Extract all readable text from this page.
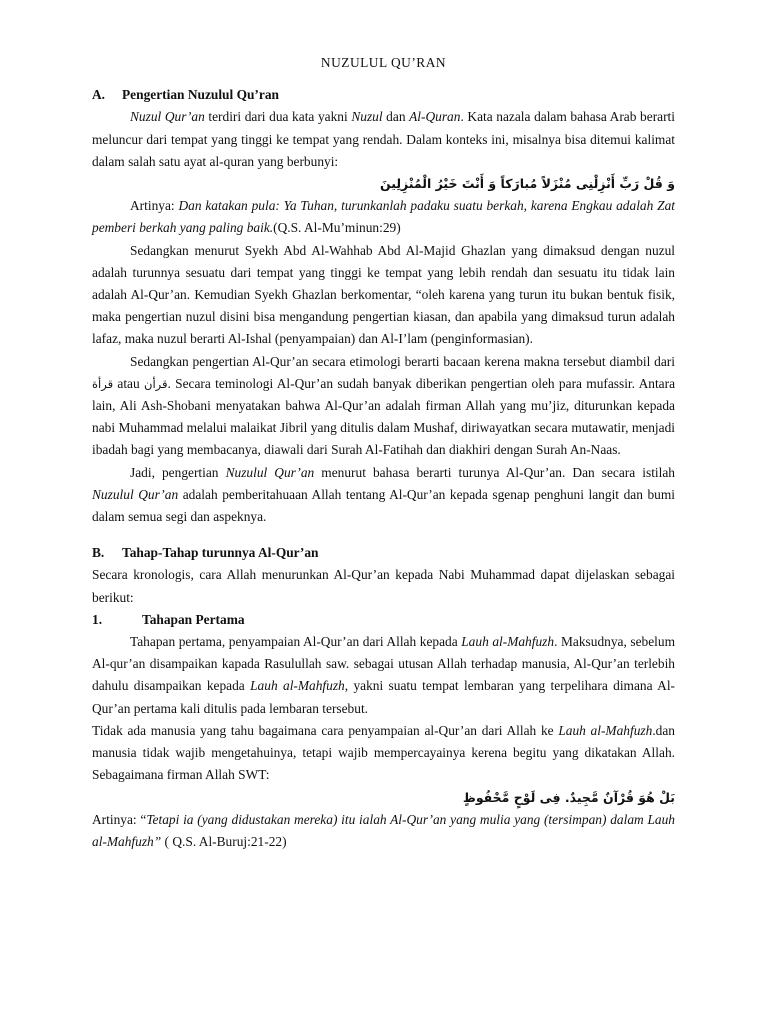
NUZULUL QU’RAN
A. Pengertian Nuzulul Qu’ran

Nuzul Qur’an terdiri dari dua kata yakni Nuzul dan Al-Quran. Kata nazala dalam bahasa Arab berarti meluncur dari tempat yang tinggi ke tempat yang rendah. Dalam konteks ini, misalnya bisa ditemui kalimat dalam salah satu ayat al-quran yang berbunyi:

وَ قُلْ رَبِّ أَنْزِلْنِى مُنْزَلاً مُبارَكاً وَ أَنْتَ خَيْرُ الْمُنْزِلِينَ

Artinya: Dan katakan pula: Ya Tuhan, turunkanlah padaku suatu berkah, karena Engkau adalah Zat pemberi berkah yang paling baik.(Q.S. Al-Mu’minun:29)

Sedangkan menurut Syekh Abd Al-Wahhab Abd Al-Majid Ghazlan yang dimaksud dengan nuzul adalah turunnya sesuatu dari tempat yang tinggi ke tempat yang lebih rendah dan sesuatu itu tidak lain adalah Al-Qur’an. Kemudian Syekh Ghazlan berkomentar, “oleh karena yang turun itu bukan bentuk fisik, maka pengertian nuzul disini bisa mengandung pengertian kiasan, dan apabila yang dimaksud turun adalah lafaz, maka nuzul berarti Al-Ishal (penyampaian) dan Al-I’lam (penginformasian).

Sedangkan pengertian Al-Qur’an secara etimologi berarti bacaan kerena makna tersebut diambil dari قرأة atau قرأن. Secara teminologi Al-Qur’an sudah banyak diberikan pengertian oleh para mufassir. Antara lain, Ali Ash-Shobani menyatakan bahwa Al-Qur’an adalah firman Allah yang mu’jiz, diturunkan kepada nabi Muhammad melalui malaikat Jibril yang ditulis dalam Mushaf, diriwayatkan secara mutawatir, menjadi ibadah bagi yang membacanya, diawali dari Surah Al-Fatihah dan diakhiri dengan Surah An-Naas.

Jadi, pengertian Nuzulul Qur’an menurut bahasa berarti turunya Al-Qur’an. Dan secara istilah Nuzulul Qur’an adalah pemberitahuaan Allah tentang Al-Qur’an kepada sgenap penghuni langit dan bumi dalam semua segi dan aspeknya.

B. Tahap-Tahap turunnya Al-Qur’an

Secara kronologis, cara Allah menurunkan Al-Qur’an kepada Nabi Muhammad dapat dijelaskan sebagai berikut:

1.	Tahapan Pertama

Tahapan pertama, penyampaian Al-Qur’an dari Allah kepada Lauh al-Mahfuzh. Maksudnya, sebelum Al-qur’an disampaikan kapada Rasulullah saw. sebagai utusan Allah terhadap manusia, Al-Qur’an terlebih dahulu disampaikan kepada Lauh al-Mahfuzh, yakni suatu tempat lembaran yang terpelihara dimana Al-Qur’an pertama kali ditulis pada lembaran tersebut.

Tidak ada manusia yang tahu bagaimana cara penyampaian al-Qur’an dari Allah ke Lauh al-Mahfuzh.dan manusia tidak wajib mengetahuinya, tetapi wajib mempercayainya kerena begitu yang dikatakan Allah. Sebagaimana firman Allah SWT:

بَلْ هُوَ قُرْآنٌ مَّجِيدٌ. فِى لَوْحٍ مَّحْفُوظٍ

Artinya: “Tetapi ia (yang didustakan mereka) itu ialah Al-Qur’an yang mulia yang (tersimpan) dalam Lauh al-Mahfuzh” ( Q.S. Al-Buruj:21-22)
